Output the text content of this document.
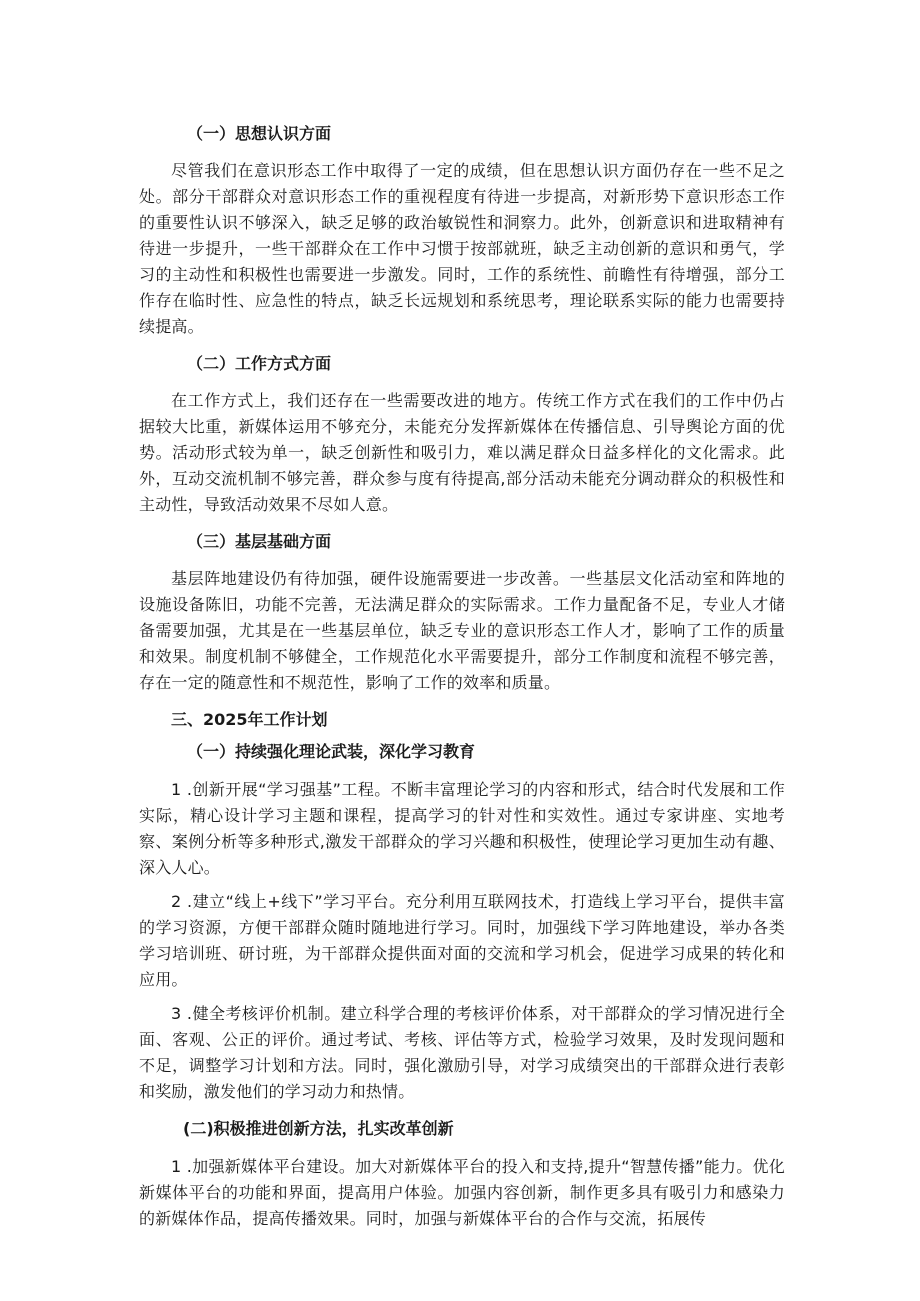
（一）思想认识方面

尽管我们在意识形态工作中取得了一定的成绩，但在思想认识方面仍存在一些不足之处。部分干部群众对意识形态工作的重视程度有待进一步提高，对新形势下意识形态工作的重要性认识不够深入，缺乏足够的政治敏锐性和洞察力。此外，创新意识和进取精神有待进一步提升，一些干部群众在工作中习惯于按部就班，缺乏主动创新的意识和勇气，学习的主动性和积极性也需要进一步激发。同时，工作的系统性、前瞻性有待增强，部分工作存在临时性、应急性的特点，缺乏长远规划和系统思考，理论联系实际的能力也需要持续提高。

（二）工作方式方面

在工作方式上，我们还存在一些需要改进的地方。传统工作方式在我们的工作中仍占据较大比重，新媒体运用不够充分，未能充分发挥新媒体在传播信息、引导舆论方面的优势。活动形式较为单一，缺乏创新性和吸引力，难以满足群众日益多样化的文化需求。此外，互动交流机制不够完善，群众参与度有待提高,部分活动未能充分调动群众的积极性和主动性，导致活动效果不尽如人意。

（三）基层基础方面

基层阵地建设仍有待加强，硬件设施需要进一步改善。一些基层文化活动室和阵地的设施设备陈旧，功能不完善，无法满足群众的实际需求。工作力量配备不足，专业人才储备需要加强，尤其是在一些基层单位，缺乏专业的意识形态工作人才，影响了工作的质量和效果。制度机制不够健全，工作规范化水平需要提升，部分工作制度和流程不够完善，存在一定的随意性和不规范性，影响了工作的效率和质量。

三、2025年工作计划

（一）持续强化理论武装，深化学习教育

1 .创新开展“学习强基”工程。不断丰富理论学习的内容和形式，结合时代发展和工作实际，精心设计学习主题和课程，提高学习的针对性和实效性。通过专家讲座、实地考察、案例分析等多种形式,激发干部群众的学习兴趣和积极性，使理论学习更加生动有趣、深入人心。

2 .建立“线上+线下”学习平台。充分利用互联网技术，打造线上学习平台，提供丰富的学习资源，方便干部群众随时随地进行学习。同时，加强线下学习阵地建设，举办各类学习培训班、研讨班，为干部群众提供面对面的交流和学习机会，促进学习成果的转化和应用。

3 .健全考核评价机制。建立科学合理的考核评价体系，对干部群众的学习情况进行全面、客观、公正的评价。通过考试、考核、评估等方式，检验学习效果，及时发现问题和不足，调整学习计划和方法。同时，强化激励引导，对学习成绩突出的干部群众进行表彰和奖励，激发他们的学习动力和热情。

(二)积极推进创新方法，扎实改革创新

1 .加强新媒体平台建设。加大对新媒体平台的投入和支持,提升“智慧传播”能力。优化新媒体平台的功能和界面，提高用户体验。加强内容创新，制作更多具有吸引力和感染力的新媒体作品，提高传播效果。同时，加强与新媒体平台的合作与交流，拓展传
